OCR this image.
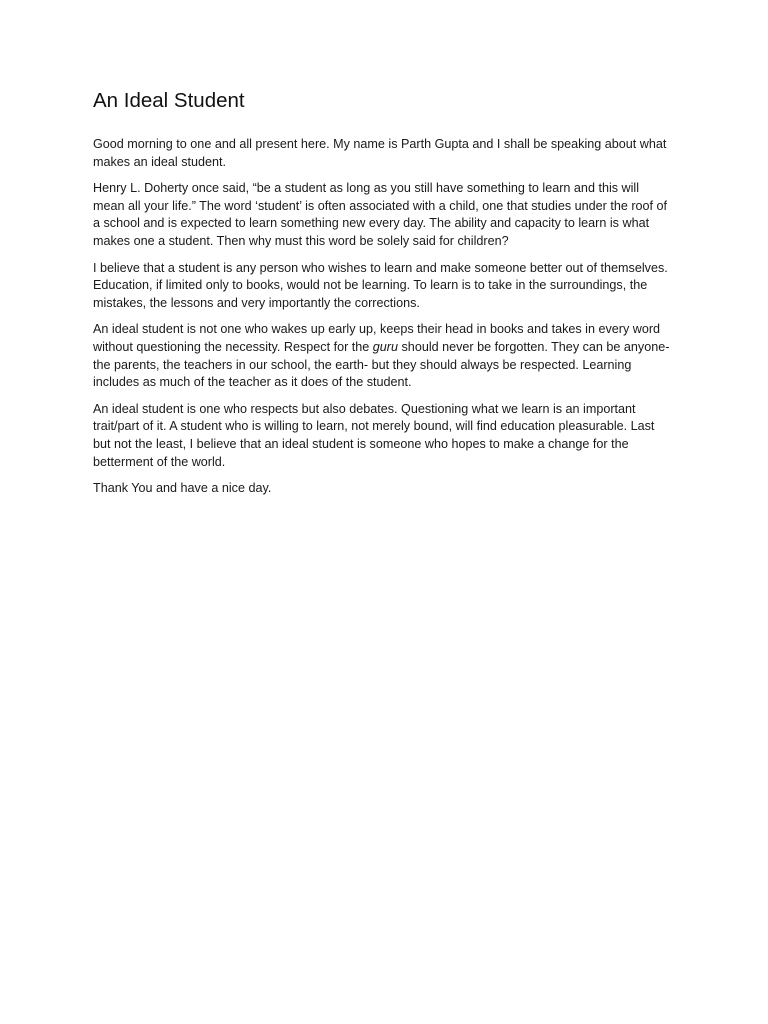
An Ideal Student

Good morning to one and all present here. My name is Parth Gupta and I shall be speaking about what makes an ideal student.

Henry L. Doherty once said, “be a student as long as you still have something to learn and this will mean all your life.” The word ‘student’ is often associated with a child, one that studies under the roof of a school and is expected to learn something new every day. The ability and capacity to learn is what makes one a student. Then why must this word be solely said for children?

I believe that a student is any person who wishes to learn and make someone better out of themselves. Education, if limited only to books, would not be learning. To learn is to take in the surroundings, the mistakes, the lessons and very importantly the corrections.

An ideal student is not one who wakes up early up, keeps their head in books and takes in every word without questioning the necessity. Respect for the guru should never be forgotten. They can be anyone- the parents, the teachers in our school, the earth- but they should always be respected. Learning includes as much of the teacher as it does of the student.

An ideal student is one who respects but also debates. Questioning what we learn is an important trait/part of it. A student who is willing to learn, not merely bound, will find education pleasurable. Last but not the least, I believe that an ideal student is someone who hopes to make a change for the betterment of the world.

Thank You and have a nice day.
